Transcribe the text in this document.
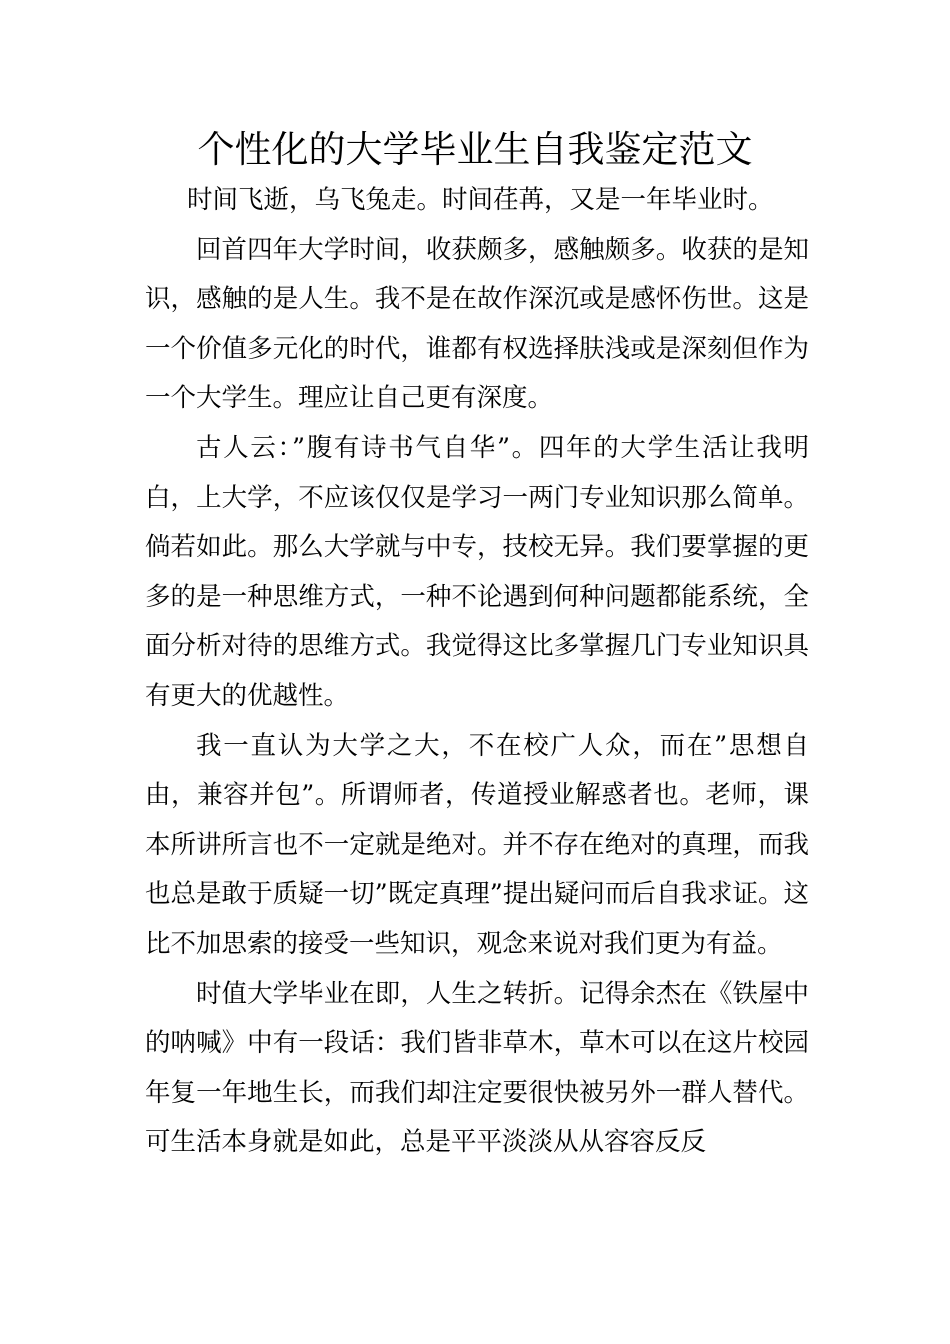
个性化的大学毕业生自我鉴定范文

时间飞逝，乌飞兔走。时间荏苒，又是一年毕业时。

回首四年大学时间，收获颇多，感触颇多。收获的是知识，感触的是人生。我不是在故作深沉或是感怀伤世。这是一个价值多元化的时代，谁都有权选择肤浅或是深刻但作为一个大学生。理应让自己更有深度。

古人云：”腹有诗书气自华”。四年的大学生活让我明白，上大学，不应该仅仅是学习一两门专业知识那么简单。倘若如此。那么大学就与中专，技校无异。我们要掌握的更多的是一种思维方式，一种不论遇到何种问题都能系统，全面分析对待的思维方式。我觉得这比多掌握几门专业知识具有更大的优越性。

我一直认为大学之大，不在校广人众，而在”思想自由，兼容并包”。所谓师者，传道授业解惑者也。老师，课本所讲所言也不一定就是绝对。并不存在绝对的真理，而我也总是敢于质疑一切”既定真理”提出疑问而后自我求证。这比不加思索的接受一些知识，观念来说对我们更为有益。

时值大学毕业在即，人生之转折。记得余杰在《铁屋中的呐喊》中有一段话：我们皆非草木，草木可以在这片校园年复一年地生长，而我们却注定要很快被另外一群人替代。可生活本身就是如此，总是平平淡淡从从容容反反
